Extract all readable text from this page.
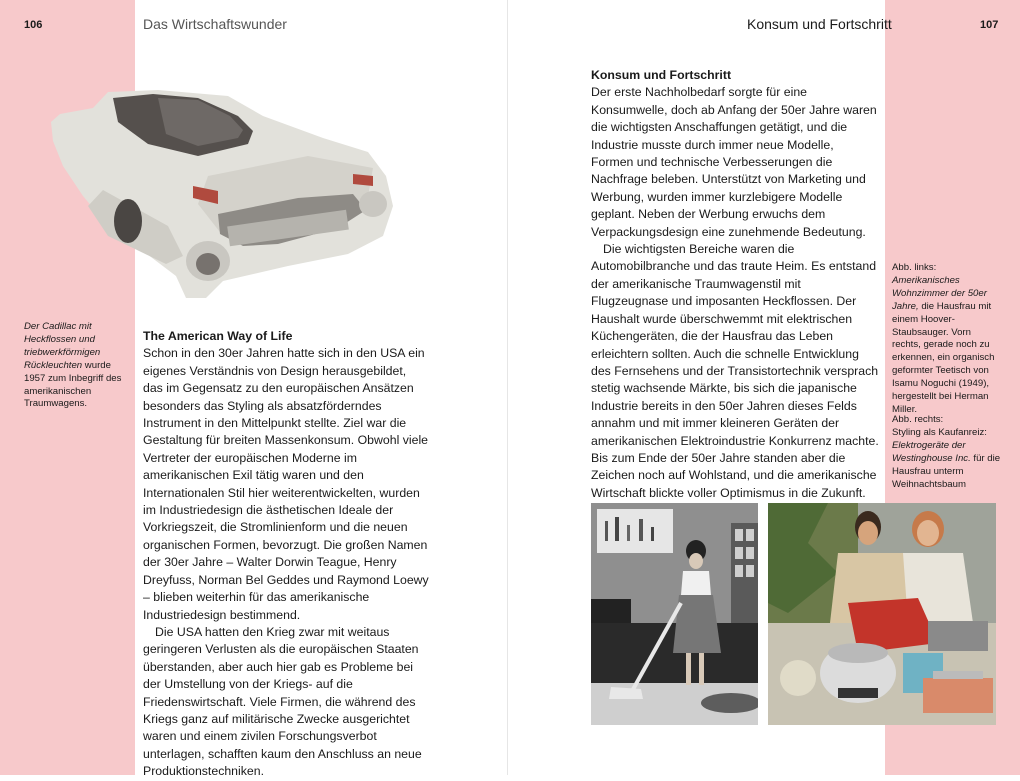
106	Das Wirtschaftswunder
Der Cadillac mit Heckflossen und triebwerkförmigen Rückleuchten wurde 1957 zum Inbegriff des amerikanischen Traumwagens.

The American Way of Life

Schon in den 30er Jahren hatte sich in den USA ein eigenes Verständnis von Design herausgebildet, das im Gegensatz zu den europäischen Ansätzen besonders das Styling als absatzförderndes Instrument in den Mittelpunkt stellte. Ziel war die Gestaltung für breiten Massenkonsum. Obwohl viele Vertreter der europäischen Moderne im amerikanischen Exil tätig waren und den Internationalen Stil hier weiterentwickelten, wurden im Industriedesign die ästhetischen Ideale der Vorkriegszeit, die Stromlinienform und die neuen organischen Formen, bevorzugt. Die großen Namen der 30er Jahre – Walter Dorwin Teague, Henry Dreyfuss, Norman Bel Geddes und Raymond Loewy – blieben weiterhin für das amerikanische Industriedesign bestimmend.

Die USA hatten den Krieg zwar mit weitaus geringeren Verlusten als die europäischen Staaten überstanden, aber auch hier gab es Probleme bei der Umstellung von der Kriegs- auf die Friedenswirtschaft. Viele Firmen, die während des Kriegs ganz auf militärische Zwecke ausgerichtet waren und einem zivilen Forschungsverbot unterlagen, schafften kaum den Anschluss an neue Produktionstechniken.

Konsum und Fortschritt	107

Konsum und Fortschritt

Der erste Nachholbedarf sorgte für eine Konsumwelle, doch ab Anfang der 50er Jahre waren die wichtigsten Anschaffungen getätigt, und die Industrie musste durch immer neue Modelle, Formen und technische Verbesserungen die Nachfrage beleben. Unterstützt von Marketing und Werbung, wurden immer kurzlebigere Modelle geplant. Neben der Werbung erwuchs dem Verpackungsdesign eine zunehmende Bedeutung.

Die wichtigsten Bereiche waren die Automobilbranche und das traute Heim. Es entstand der amerikanische Traumwagenstil mit Flugzeugnase und imposanten Heckflossen. Der Haushalt wurde überschwemmt mit elektrischen Küchengeräten, die der Hausfrau das Leben erleichtern sollten. Auch die schnelle Entwicklung des Fernsehens und der Transistortechnik versprach stetig wachsende Märkte, bis sich die japanische Industrie bereits in den 50er Jahren dieses Felds annahm und mit immer kleineren Geräten der amerikanischen Elektroindustrie Konkurrenz machte. Bis zum Ende der 50er Jahre standen aber die Zeichen noch auf Wohlstand, und die amerikanische Wirtschaft blickte voller Optimismus in die Zukunft.

Abb. links:
Amerikanisches Wohnzimmer der 50er Jahre, die Hausfrau mit einem Hoover-Staubsauger. Vorn rechts, gerade noch zu erkennen, ein organisch geformter Teetisch von Isamu Noguchi (1949), hergestellt bei Herman Miller.
Abb. rechts:
Styling als Kaufanreiz: Elektrogeräte der Westinghouse Inc. für die Hausfrau unterm Weihnachtsbaum
